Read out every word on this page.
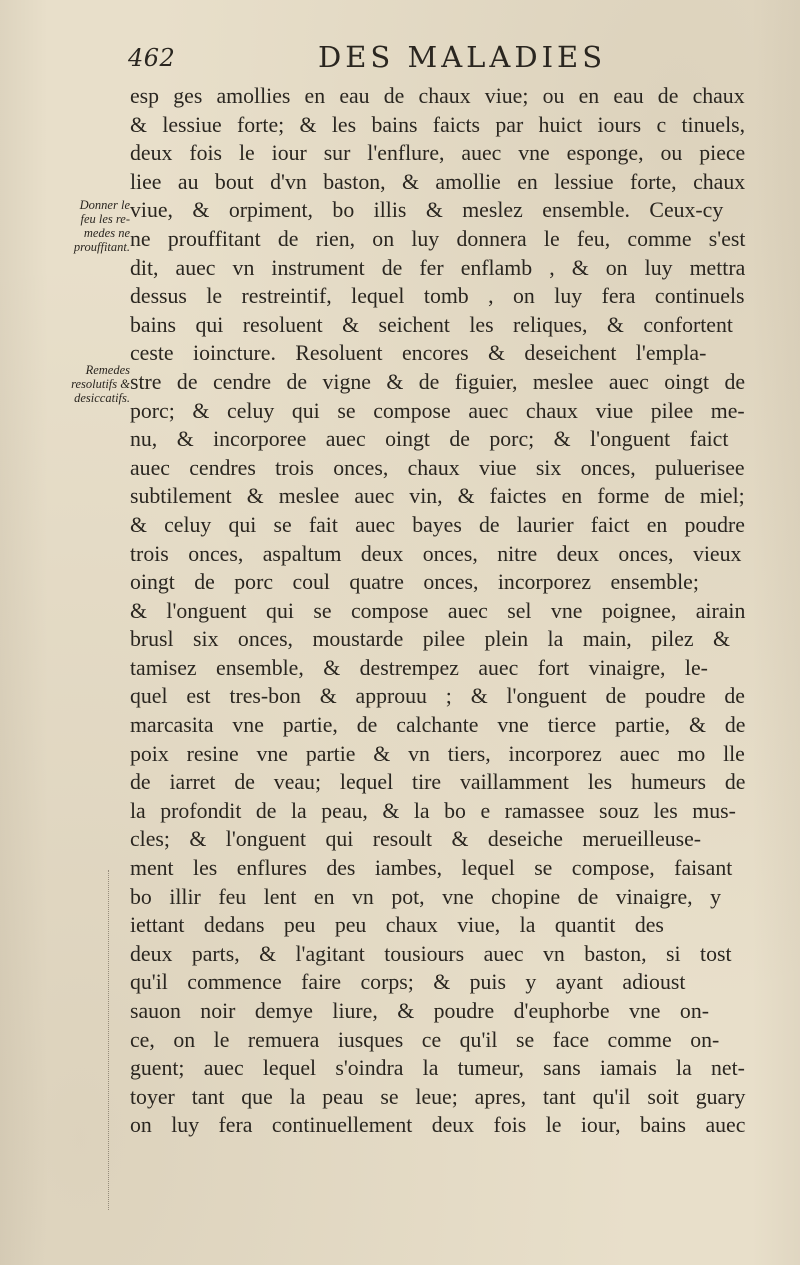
462	DES MALADIES
Donner le
feu les re-
medes ne
prouffitant.
Remedes
resolutifs &
desiccatifs.
esp ges amollies en eau de chaux viue; ou en eau de chaux
& lessiue forte; & les bains faicts par huict iours c tinuels,
deux fois le iour sur l'enflure, auec vne esponge, ou piece
liee au bout d'vn baston, & amollie en lessiue forte, chaux
viue, & orpiment, bo illis & meslez ensemble. Ceux-cy
ne prouffitant de rien, on luy donnera le feu, comme s'est
dit, auec vn instrument de fer enflamb , & on luy mettra
dessus le restreintif, lequel tomb , on luy fera continuels
bains qui resoluent & seichent les reliques, & confortent
ceste ioincture. Resoluent encores & deseichent l'empla-
stre de cendre de vigne & de figuier, meslee auec oingt de
porc; & celuy qui se compose auec chaux viue pilee me-
nu, & incorporee auec oingt de porc; & l'onguent faict
auec cendres trois onces, chaux viue six onces, puluerisee
subtilement & meslee auec vin, & faictes en forme de miel;
& celuy qui se fait auec bayes de laurier faict en poudre
trois onces, aspaltum deux onces, nitre deux onces, vieux
oingt de porc coul quatre onces, incorporez ensemble;
& l'onguent qui se compose auec sel vne poignee, airain
brusl six onces, moustarde pilee plein la main, pilez &
tamisez ensemble, & destrempez auec fort vinaigre, le-
quel est tres-bon & approuu ; & l'onguent de poudre de
marcasita vne partie, de calchante vne tierce partie, & de
poix resine vne partie & vn tiers, incorporez auec mo lle
de iarret de veau; lequel tire vaillamment les humeurs de
la profondit de la peau, & la bo e ramassee souz les mus-
cles; & l'onguent qui resoult & deseiche merueilleuse-
ment les enflures des iambes, lequel se compose, faisant
bo illir feu lent en vn pot, vne chopine de vinaigre, y
iettant dedans peu peu chaux viue, la quantit des
deux parts, & l'agitant tousiours auec vn baston, si tost
qu'il commence faire corps; & puis y ayant adioust
sauon noir demye liure, & poudre d'euphorbe vne on-
ce, on le remuera iusques ce qu'il se face comme on-
guent; auec lequel s'oindra la tumeur, sans iamais la net-
toyer tant que la peau se leue; apres, tant qu'il soit guary
on luy fera continuellement deux fois le iour, bains auec
